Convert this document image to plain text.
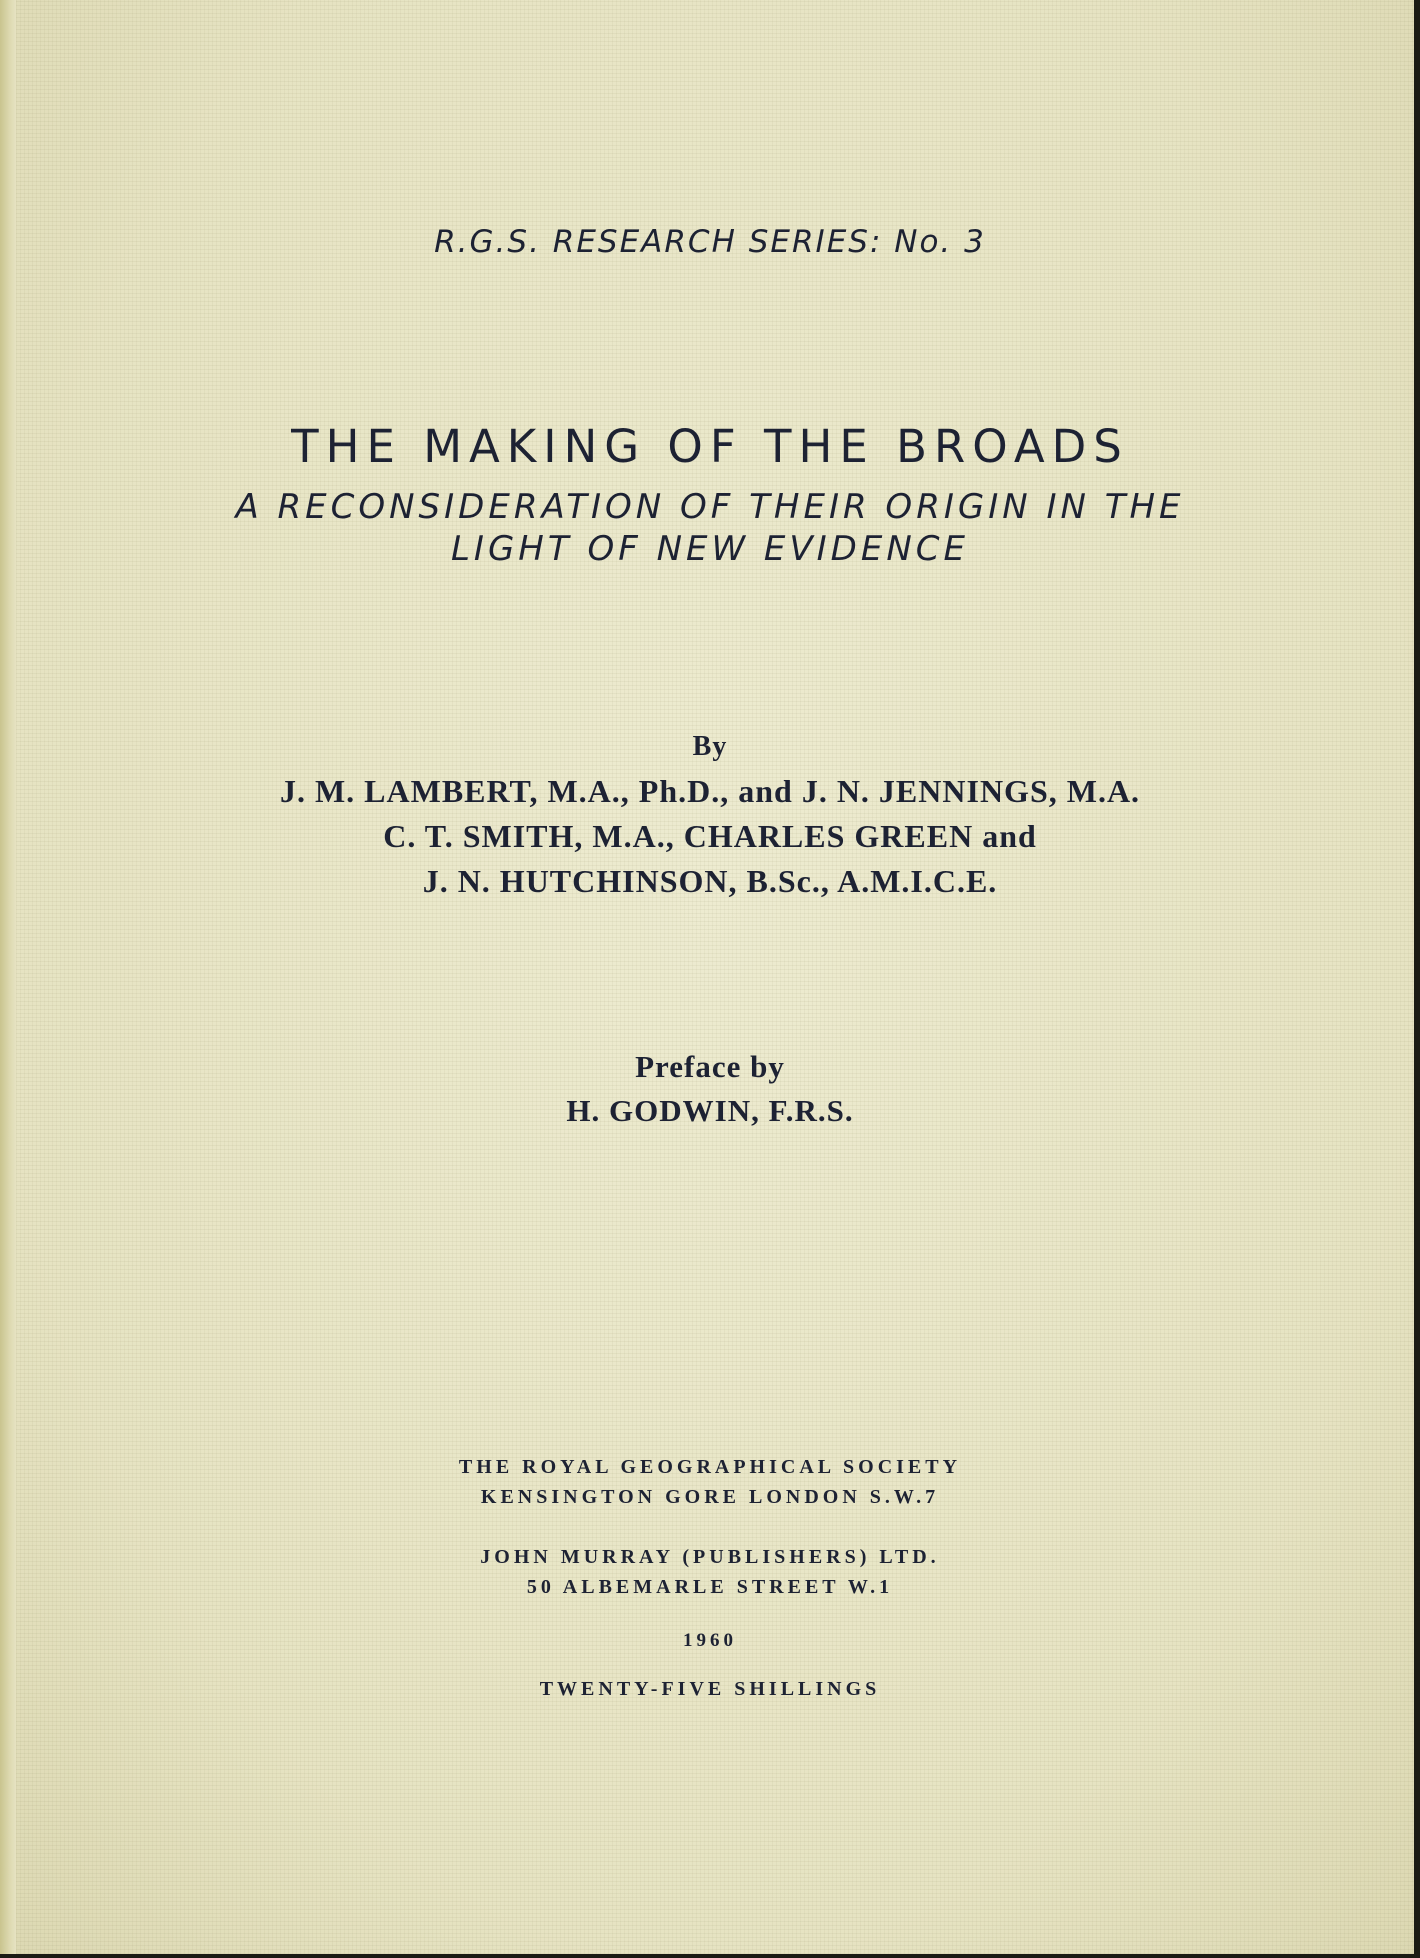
R.G.S. RESEARCH SERIES: No. 3
THE MAKING OF THE BROADS
A RECONSIDERATION OF THEIR ORIGIN IN THE
LIGHT OF NEW EVIDENCE
By
J. M. LAMBERT, M.A., Ph.D., and J. N. JENNINGS, M.A.
C. T. SMITH, M.A., CHARLES GREEN and
J. N. HUTCHINSON, B.Sc., A.M.I.C.E.
Preface by
H. GODWIN, F.R.S.
THE ROYAL GEOGRAPHICAL SOCIETY
KENSINGTON GORE LONDON S.W.7
JOHN MURRAY (PUBLISHERS) LTD.
50 ALBEMARLE STREET W.1
1960
TWENTY-FIVE SHILLINGS
